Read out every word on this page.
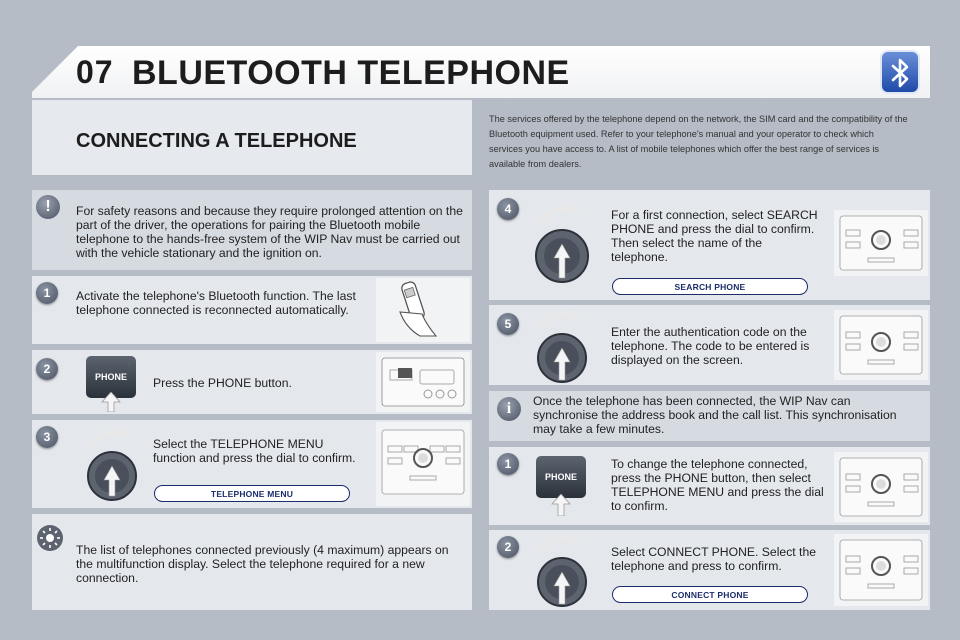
07 BLUETOOTH TELEPHONE
CONNECTING A TELEPHONE
The services offered by the telephone depend on the network, the SIM card and the compatibility of the Bluetooth equipment used. Refer to your telephone's manual and your operator to check which services you have access to. A list of mobile telephones which offer the best range of services is available from dealers.
!	For safety reasons and because they require prolonged attention on the part of the driver, the operations for pairing the Bluetooth mobile telephone to the hands-free system of the WIP Nav must be carried out with the vehicle stationary and the ignition on.
1	Activate the telephone's Bluetooth function. The last telephone connected is reconnected automatically.
2
PHONE	Press the PHONE button.
3	Select the TELEPHONE MENU function and press the dial to confirm.
TELEPHONE MENU
The list of telephones connected previously (4 maximum) appears on the multifunction display. Select the telephone required for a new connection.
4	For a first connection, select SEARCH PHONE and press the dial to confirm. Then select the name of the telephone.
SEARCH PHONE
5
Enter the authentication code on the telephone. The code to be entered is displayed on the screen.
i	Once the telephone has been connected, the WIP Nav can synchronise the address book and the call list. This synchronisation may take a few minutes.
1
PHONE
To change the telephone connected, press the PHONE button, then select TELEPHONE MENU and press the dial to confirm.
2	Select CONNECT PHONE. Select the telephone and press to confirm.
CONNECT PHONE
